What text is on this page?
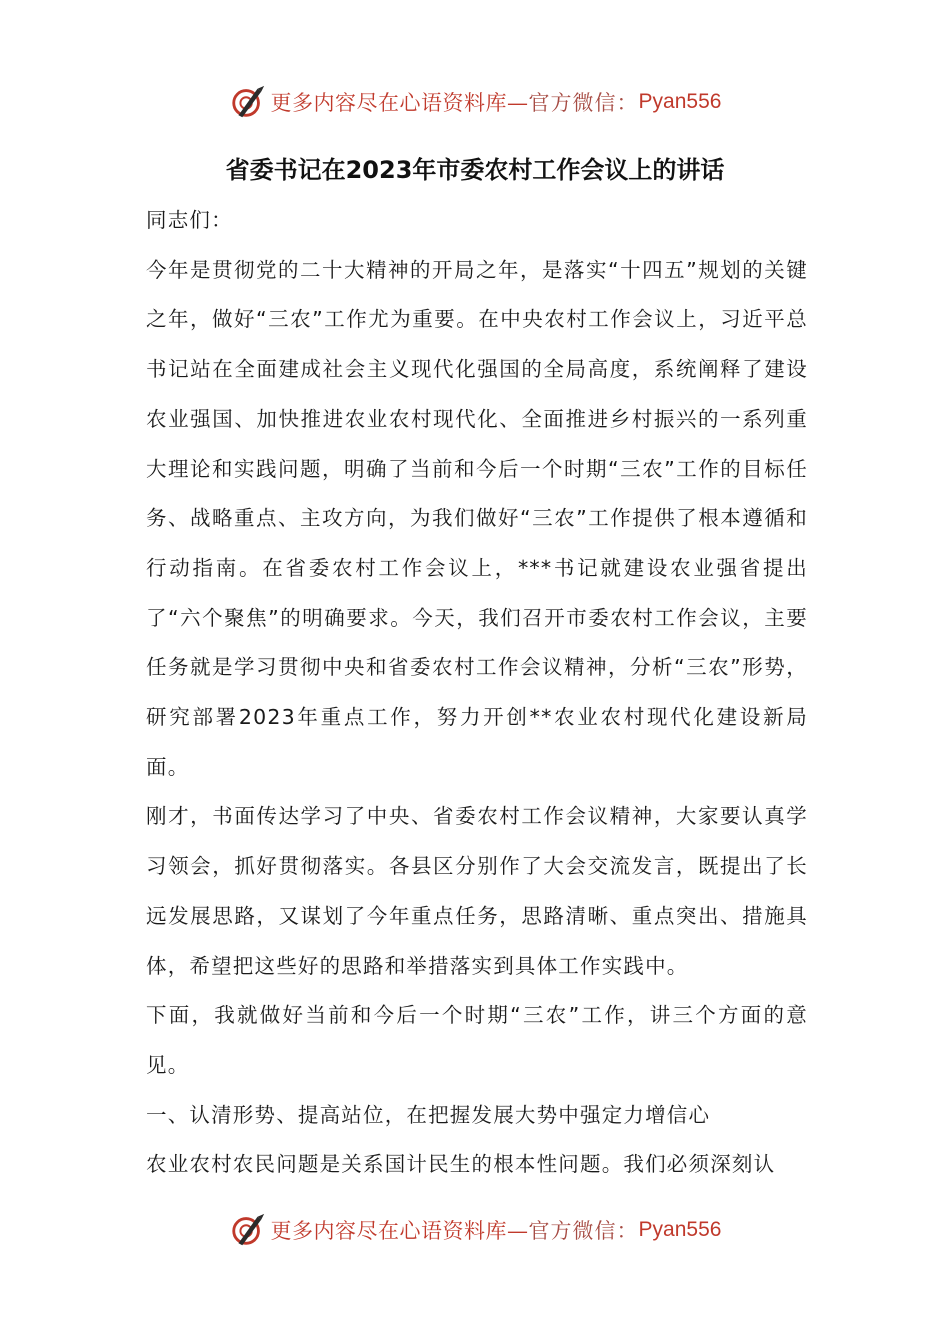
更多内容尽在心语资料库— 官方微信： Pyan556
省委书记在2023年市委农村工作会议上的讲话

同志们：

今年是贯彻党的二十大精神的开局之年，是落实“十四五”规划的关键之年，做好“三农”工作尤为重要。在中央农村工作会议上，习近平总书记站在全面建成社会主义现代化强国的全局高度，系统阐释了建设农业强国、加快推进农业农村现代化、全面推进乡村振兴的一系列重大理论和实践问题，明确了当前和今后一个时期“三农”工作的目标任务、战略重点、主攻方向，为我们做好“三农”工作提供了根本遵循和行动指南。在省委农村工作会议上，***书记就建设农业强省提出了“六个聚焦”的明确要求。今天，我们召开市委农村工作会议，主要任务就是学习贯彻中央和省委农村工作会议精神，分析“三农”形势，研究部署2023年重点工作，努力开创**农业农村现代化建设新局面。

刚才，书面传达学习了中央、省委农村工作会议精神，大家要认真学习领会，抓好贯彻落实。各县区分别作了大会交流发言，既提出了长远发展思路，又谋划了今年重点任务，思路清晰、重点突出、措施具体，希望把这些好的思路和举措落实到具体工作实践中。

下面，我就做好当前和今后一个时期“三农”工作，讲三个方面的意见。

一、认清形势、提高站位，在把握发展大势中强定力增信心

农业农村农民问题是关系国计民生的根本性问题。我们必须深刻认

更多内容尽在心语资料库— 官方微信： Pyan556
